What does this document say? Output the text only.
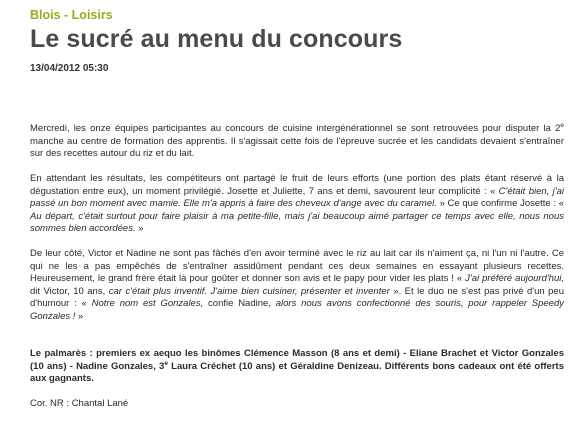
Blois - Loisirs
Le sucré au menu du concours
13/04/2012 05:30

Mercredi, les onze équipes participantes au concours de cuisine intergénérationnel se sont retrouvées pour disputer la 2e manche au centre de formation des apprentis. Il s'agissait cette fois de l'épreuve sucrée et les candidats devaient s'entraîner sur des recettes autour du riz et du lait.

En attendant les résultats, les compétiteurs ont partagé le fruit de leurs efforts (une portion des plats étant réservé à la dégustation entre eux), un moment privilégié. Josette et Juliette, 7 ans et demi, savourent leur complicité : « C'était bien, j'ai passé un bon moment avec mamie. Elle m'a appris à faire des cheveux d'ange avec du caramel. » Ce que confirme Josette : « Au départ, c'était surtout pour faire plaisir à ma petite-fille, mais j'ai beaucoup aimé partager ce temps avec elle, nous nous sommes bien accordées. »

De leur côté, Victor et Nadine ne sont pas fâchés d'en avoir terminé avec le riz au lait car ils n'aiment ça, ni l'un ni l'autre. Ce qui ne les a pas empêchés de s'entraîner assidûment pendant ces deux semaines en essayant plusieurs recettes. Heureusement, le grand frère était là pour goûter et donner son avis et le papy pour vider les plats ! « J'ai préféré aujourd'hui, dit Victor, 10 ans, car c'était plus inventif. J'aime bien cuisiner, présenter et inventer ». Et le duo ne s'est pas privé d'un peu d'humour : « Notre nom est Gonzales, confie Nadine, alors nous avons confectionné des souris, pour rappeler Speedy Gonzales ! »

Le palmarès : premiers ex aequo les binômes Clémence Masson (8 ans et demi) - Eliane Brachet et Victor Gonzales (10 ans) - Nadine Gonzales, 3e Laura Créchet (10 ans) et Géraldine Denizeau. Différents bons cadeaux ont été offerts aux gagnants.

Cor. NR : Chantal Lané
